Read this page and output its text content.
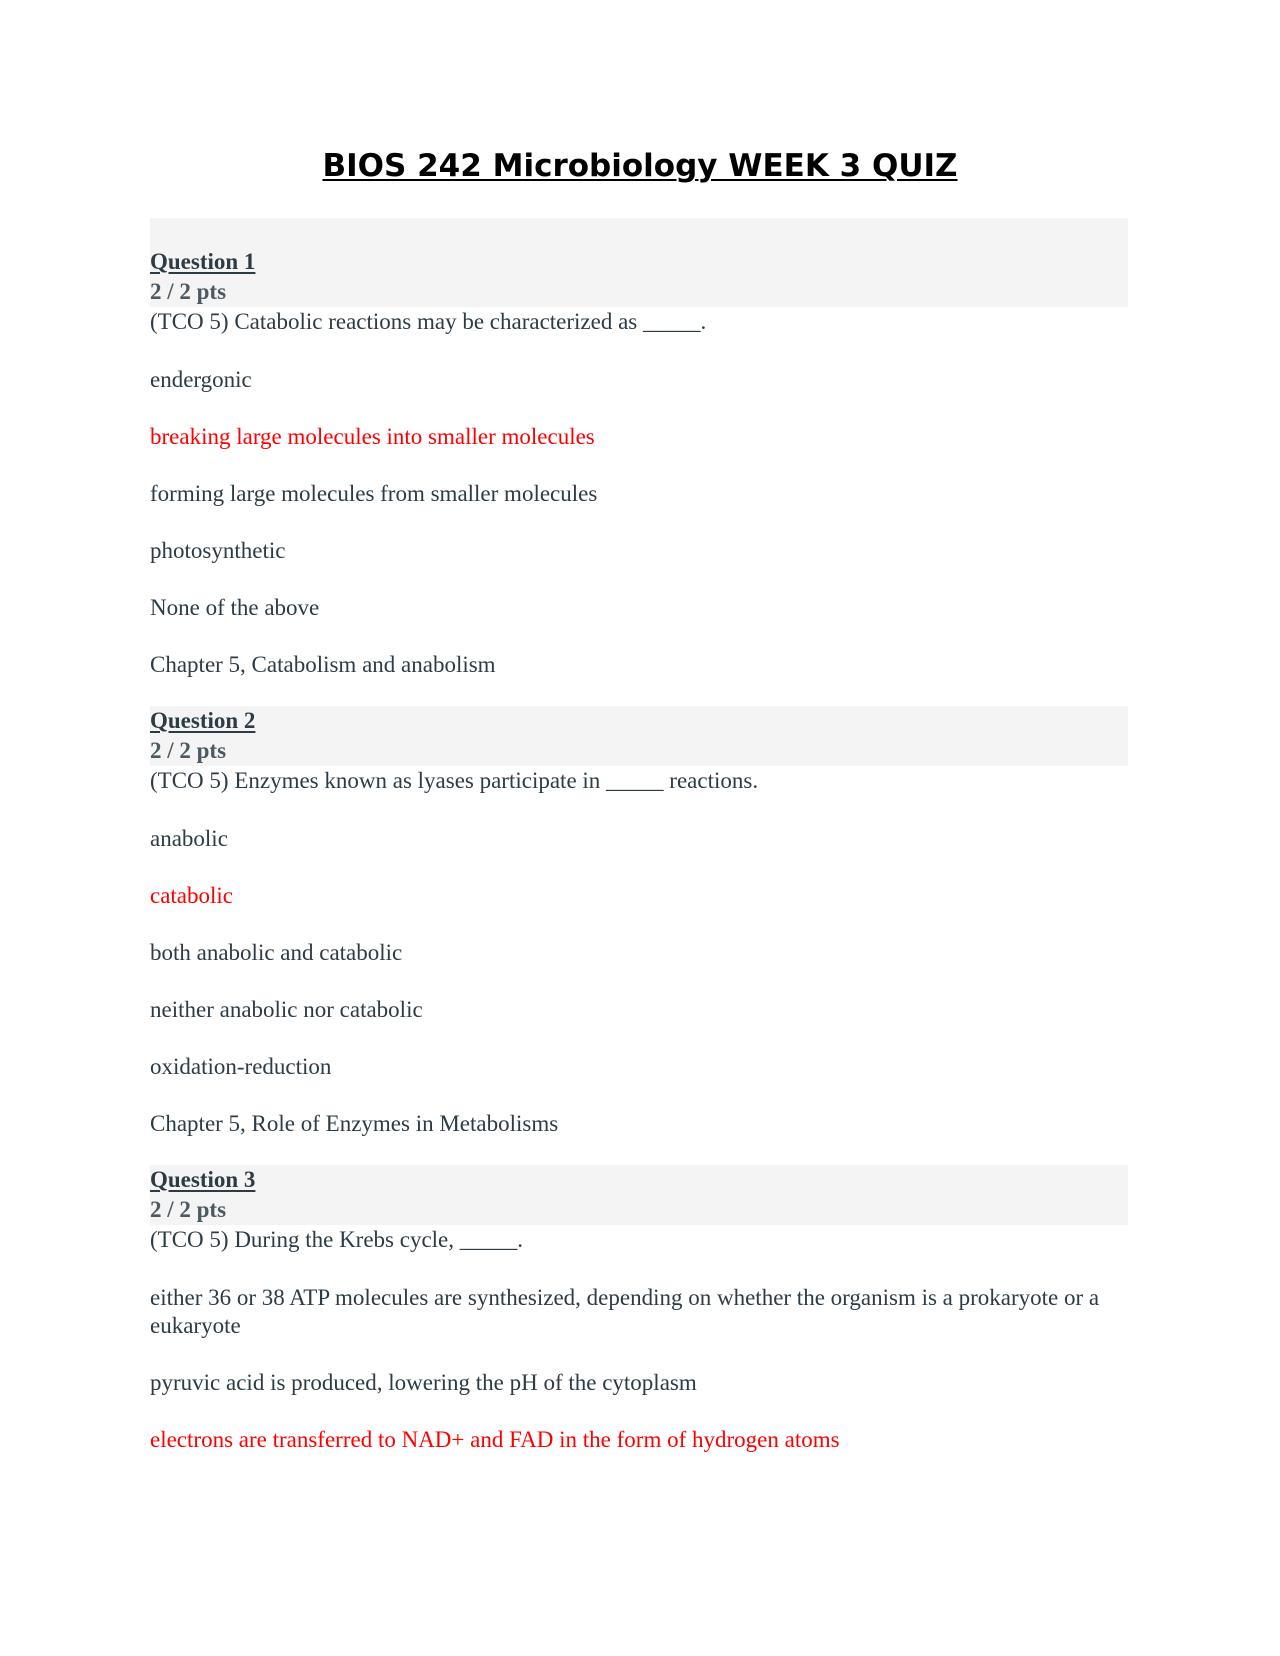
BIOS 242 Microbiology WEEK 3 QUIZ
Question 1
2 / 2 pts

(TCO 5) Catabolic reactions may be characterized as _____.

endergonic
breaking large molecules into smaller molecules
forming large molecules from smaller molecules
photosynthetic
None of the above
Chapter 5, Catabolism and anabolism
Question 2
2 / 2 pts

(TCO 5) Enzymes known as lyases participate in _____ reactions.

anabolic
catabolic
both anabolic and catabolic
neither anabolic nor catabolic
oxidation-reduction
Chapter 5, Role of Enzymes in Metabolisms
Question 3
2 / 2 pts

(TCO 5) During the Krebs cycle, _____.

either 36 or 38 ATP molecules are synthesized, depending on whether the organism is a prokaryote or a eukaryote
pyruvic acid is produced, lowering the pH of the cytoplasm
electrons are transferred to NAD+ and FAD in the form of hydrogen atoms
